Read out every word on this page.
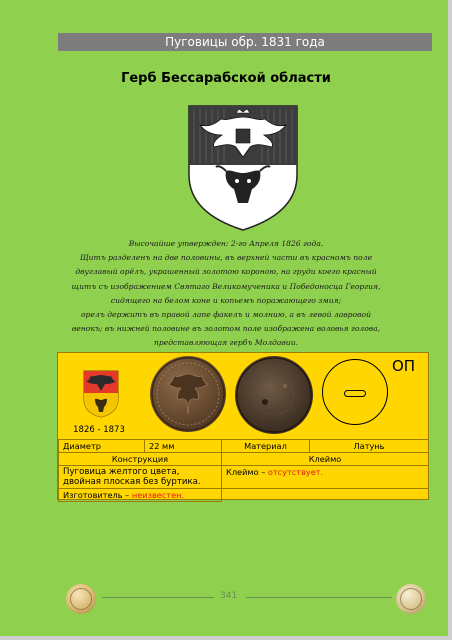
Пуговицы обр. 1831 года
Герб Бессарабской области
Высочайше утвержден: 2-го Апреля 1826 года.
Щитъ разделенъ на две половины, въ верхней части въ красномъ поле
двуглавый орёлъ, украшенный золотою короною, на груди коего красный
щитъ съ изображением Святаго Великомученика и Победоносца Георгия,
сидящего на белом коне и копьемъ поражающего змия;
орелъ держитъ въ правой лапе факелъ и молнию, а въ левой лавровой
венокъ; въ нижней половине въ золотом поле изображена воловья голова,
представляющая гербъ Молдавии.
1826 - 1873
ОП
Диаметр	22 мм	Материал	Латунь
Конструкция		Клеймо	
Пуговица желтого цвета, двойная плоская без буртика.		Клеймо – отсутствует.	
Изготовитель – неизвестен.			
341
